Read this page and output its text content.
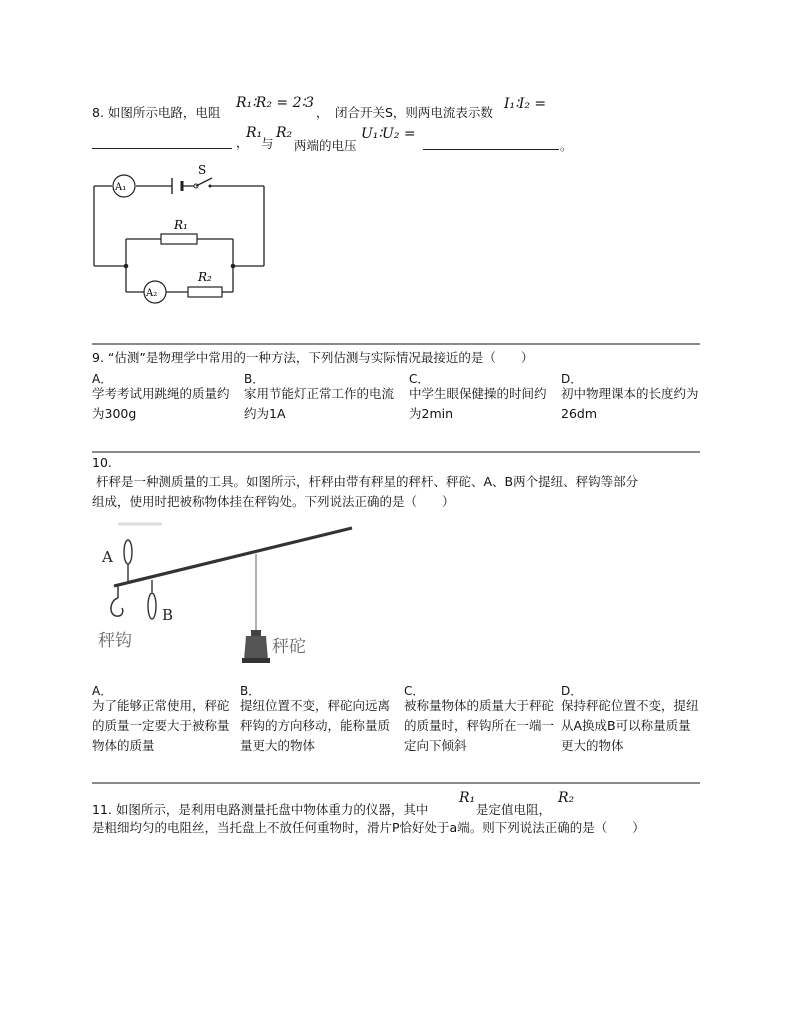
8. 如图所示电路，电阻
R₁∶R₂ = 2∶3
， 闭合开关S，则两电流表示数
I₁∶I₂ =
，
R₁
与
R₂
两端的电压
U₁∶U₂ =
。
S
A₁
R₁
A₂
R₂
9. “估测”是物理学中常用的一种方法，下列估测与实际情况最接近的是（　　）
A．
学考考试用跳绳的质量约为300g
B．
家用节能灯正常工作的电流约为1A
C．
中学生眼保健操的时间约为2min
D．
初中物理课本的长度约为26dm
10.
杆秤是一种测质量的工具。如图所示，杆秤由带有秤星的秤杆、秤砣、A、B两个提纽、秤钩等部分
组成，使用时把被称物体挂在秤钩处。下列说法正确的是（　　）
A
B
秤砣
秤钩
A．
为了能够正常使用，秤砣的质量一定要大于被称量物体的质量
B．
提纽位置不变，秤砣向远离秤钩的方向移动，能称量质量更大的物体
C．
被称量物体的质量大于秤砣的质量时，秤钩所在一端一定向下倾斜
D．
保持秤砣位置不变，提纽从A换成B可以称量质量更大的物体
11. 如图所示，是利用电路测量托盘中物体重力的仪器，其中
R₁
是定值电阻，
R₂
是粗细均匀的电阻丝，当托盘上不放任何重物时，滑片P恰好处于a端。则下列说法正确的是（　　）
